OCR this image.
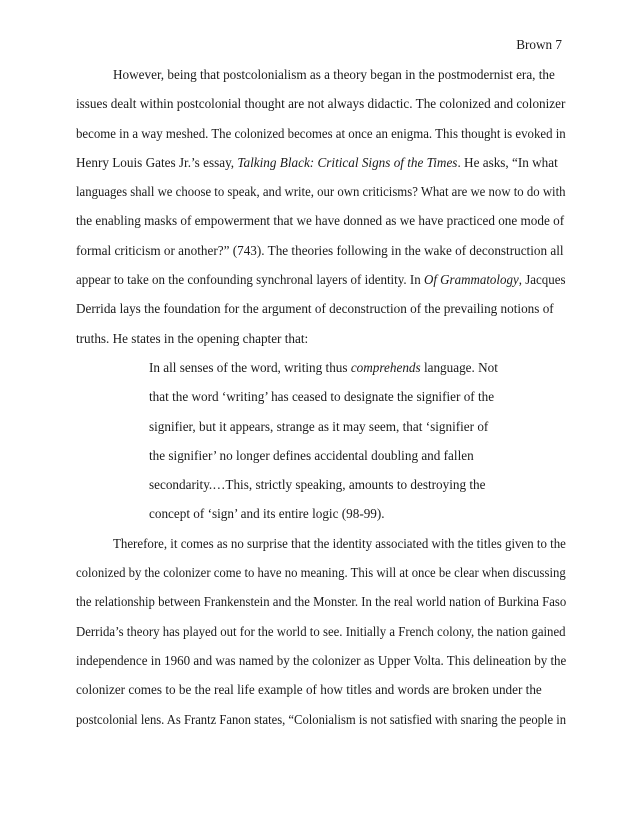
Brown 7
However, being that postcolonialism as a theory began in the postmodernist era, the
issues dealt within postcolonial thought are not always didactic. The colonized and colonizer
become in a way meshed. The colonized becomes at once an enigma. This thought is evoked in
Henry Louis Gates Jr.’s essay, Talking Black: Critical Signs of the Times. He asks, “In what
languages shall we choose to speak, and write, our own criticisms? What are we now to do with
the enabling masks of empowerment that we have donned as we have practiced one mode of
formal criticism or another?” (743). The theories following in the wake of deconstruction all
appear to take on the confounding synchronal layers of identity. In Of Grammatology, Jacques
Derrida lays the foundation for the argument of deconstruction of the prevailing notions of
truths. He states in the opening chapter that:
In all senses of the word, writing thus comprehends language. Not
that the word ‘writing’ has ceased to designate the signifier of the
signifier, but it appears, strange as it may seem, that ‘signifier of
the signifier’ no longer defines accidental doubling and fallen
secondarity.…This, strictly speaking, amounts to destroying the
concept of ‘sign’ and its entire logic (98-99).
Therefore, it comes as no surprise that the identity associated with the titles given to the
colonized by the colonizer come to have no meaning. This will at once be clear when discussing
the relationship between Frankenstein and the Monster. In the real world nation of Burkina Faso
Derrida’s theory has played out for the world to see. Initially a French colony, the nation gained
independence in 1960 and was named by the colonizer as Upper Volta. This delineation by the
colonizer comes to be the real life example of how titles and words are broken under the
postcolonial lens. As Frantz Fanon states, “Colonialism is not satisfied with snaring the people in
